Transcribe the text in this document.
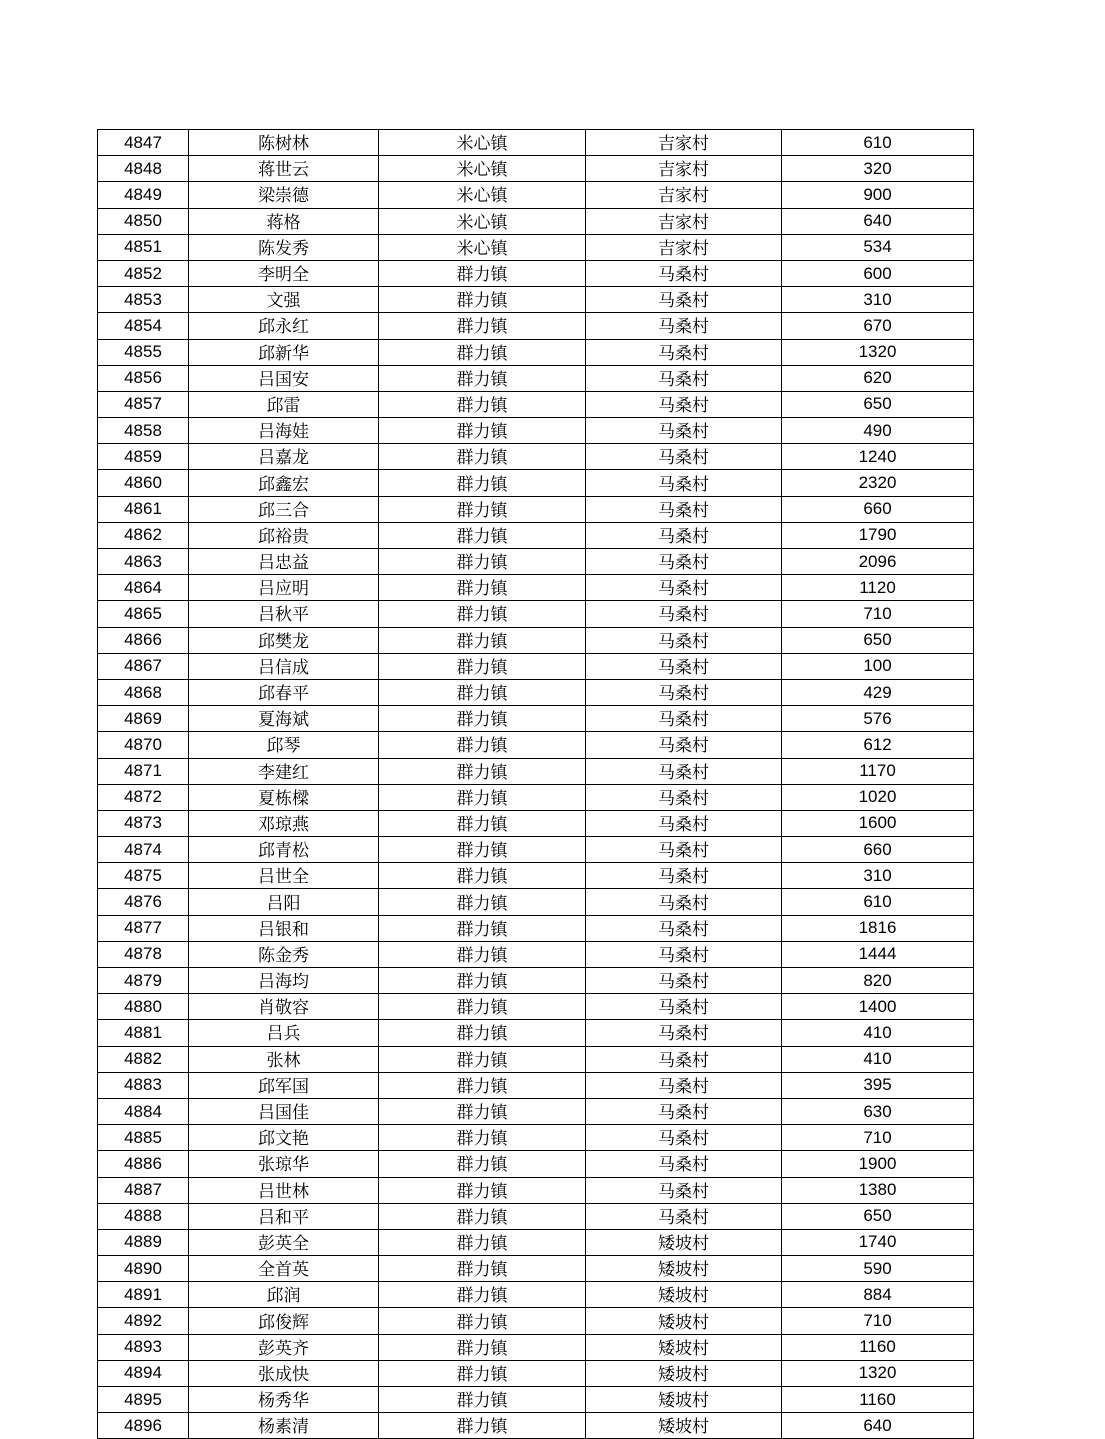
4847	陈树林	米心镇	吉家村	610
4848	蒋世云	米心镇	吉家村	320
4849	梁崇德	米心镇	吉家村	900
4850	蒋格	米心镇	吉家村	640
4851	陈发秀	米心镇	吉家村	534
4852	李明全	群力镇	马桑村	600
4853	文强	群力镇	马桑村	310
4854	邱永红	群力镇	马桑村	670
4855	邱新华	群力镇	马桑村	1320
4856	吕国安	群力镇	马桑村	620
4857	邱雷	群力镇	马桑村	650
4858	吕海娃	群力镇	马桑村	490
4859	吕嘉龙	群力镇	马桑村	1240
4860	邱鑫宏	群力镇	马桑村	2320
4861	邱三合	群力镇	马桑村	660
4862	邱裕贵	群力镇	马桑村	1790
4863	吕忠益	群力镇	马桑村	2096
4864	吕应明	群力镇	马桑村	1120
4865	吕秋平	群力镇	马桑村	710
4866	邱樊龙	群力镇	马桑村	650
4867	吕信成	群力镇	马桑村	100
4868	邱春平	群力镇	马桑村	429
4869	夏海斌	群力镇	马桑村	576
4870	邱琴	群力镇	马桑村	612
4871	李建红	群力镇	马桑村	1170
4872	夏栋樑	群力镇	马桑村	1020
4873	邓琼燕	群力镇	马桑村	1600
4874	邱青松	群力镇	马桑村	660
4875	吕世全	群力镇	马桑村	310
4876	吕阳	群力镇	马桑村	610
4877	吕银和	群力镇	马桑村	1816
4878	陈金秀	群力镇	马桑村	1444
4879	吕海均	群力镇	马桑村	820
4880	肖敬容	群力镇	马桑村	1400
4881	吕兵	群力镇	马桑村	410
4882	张林	群力镇	马桑村	410
4883	邱军国	群力镇	马桑村	395
4884	吕国佳	群力镇	马桑村	630
4885	邱文艳	群力镇	马桑村	710
4886	张琼华	群力镇	马桑村	1900
4887	吕世林	群力镇	马桑村	1380
4888	吕和平	群力镇	马桑村	650
4889	彭英全	群力镇	矮坡村	1740
4890	全首英	群力镇	矮坡村	590
4891	邱润	群力镇	矮坡村	884
4892	邱俊辉	群力镇	矮坡村	710
4893	彭英齐	群力镇	矮坡村	1160
4894	张成快	群力镇	矮坡村	1320
4895	杨秀华	群力镇	矮坡村	1160
4896	杨素清	群力镇	矮坡村	640
